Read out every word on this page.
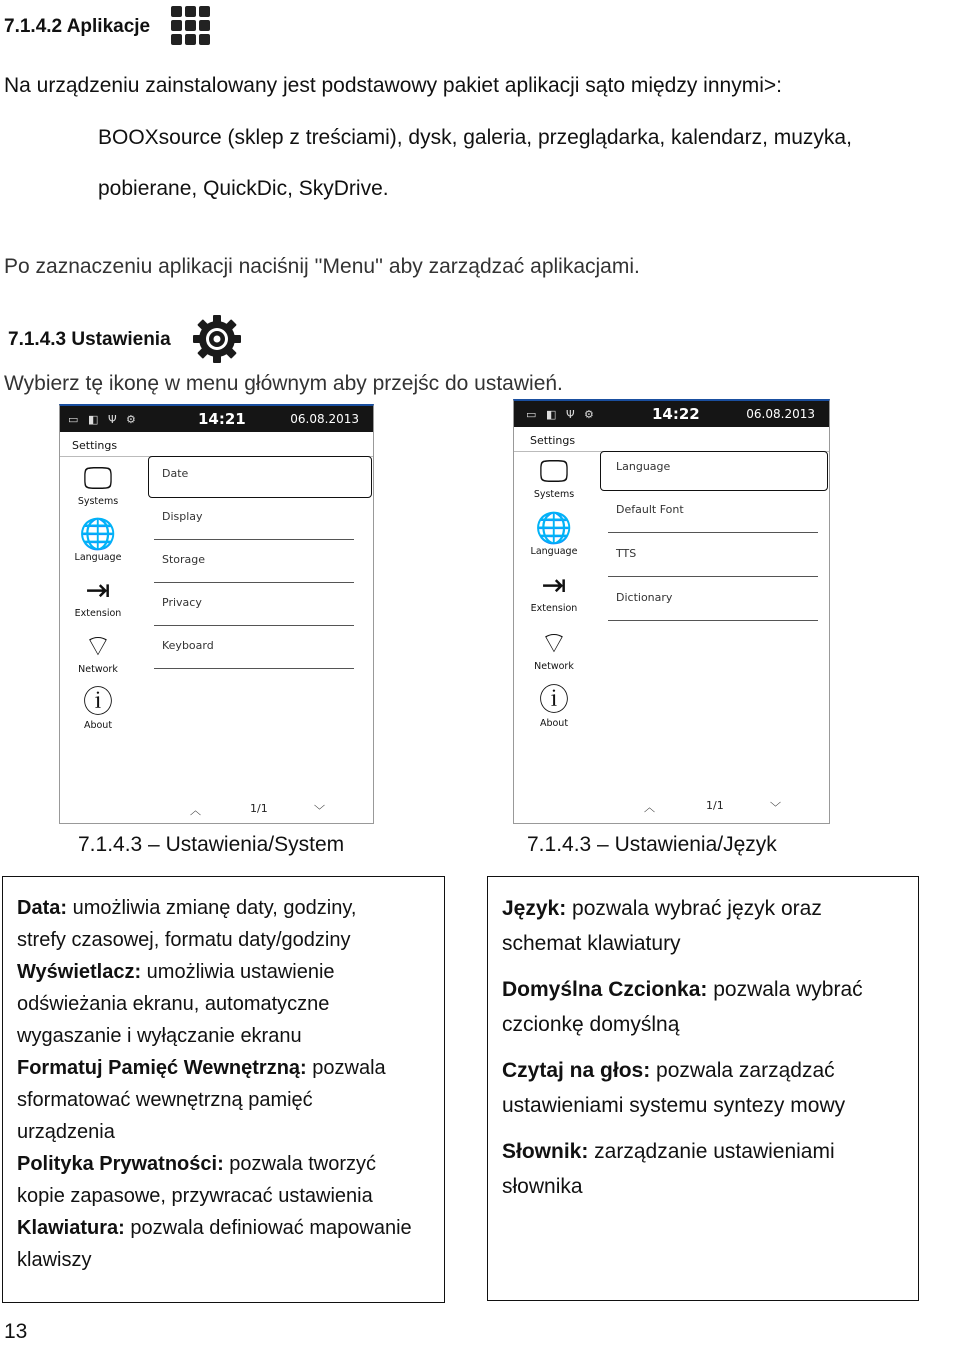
7.1.4.2 Aplikacje
Na urządzeniu zainstalowany jest podstawowy pakiet aplikacji sąto między innymi>:
BOOXsource (sklep z treściami), dysk, galeria, przeglądarka, kalendarz, muzyka,
pobierane, QuickDic, SkyDrive.
Po zaznaczeniu aplikacji naciśnij ''Menu'' aby zarządzać aplikacjami.
7.1.4.3 Ustawienia
Wybierz tę ikonę w menu głównym aby przejśc do ustawień.
▭ ◧ Ψ ⚙	14:21	06.08.2013
Settings
🖵
Systems
🌐
Language
⇥
Extension
⌔
Network
ⓘ
About
Date
Display
Storage
Privacy
Keyboard
︿	1/1	﹀
▭ ◧ Ψ ⚙	14:22	06.08.2013
Settings
🖵
Systems
🌐
Language
⇥
Extension
⌔
Network
ⓘ
About
Language
Default Font
TTS
Dictionary
︿	1/1	﹀
7.1.4.3 – Ustawienia/System	7.1.4.3 – Ustawienia/Język
Data: umożliwia zmianę daty, godziny,
strefy czasowej, formatu daty/godziny
Wyświetlacz: umożliwia ustawienie
odświeżania ekranu, automatyczne
wygaszanie i wyłączanie ekranu
Formatuj Pamięć Wewnętrzną: pozwala
sformatować wewnętrzną pamięć
urządzenia
Polityka Prywatności: pozwala tworzyć
kopie zapasowe, przywracać ustawienia
Klawiatura: pozwala definiować mapowanie
klawiszy
Język: pozwala wybrać język oraz
schemat klawiatury
Domyślna Czcionka: pozwala wybrać
czcionkę domyślną
Czytaj na głos: pozwala zarządzać
ustawieniami systemu syntezy mowy
Słownik: zarządzanie ustawieniami
słownika
13
